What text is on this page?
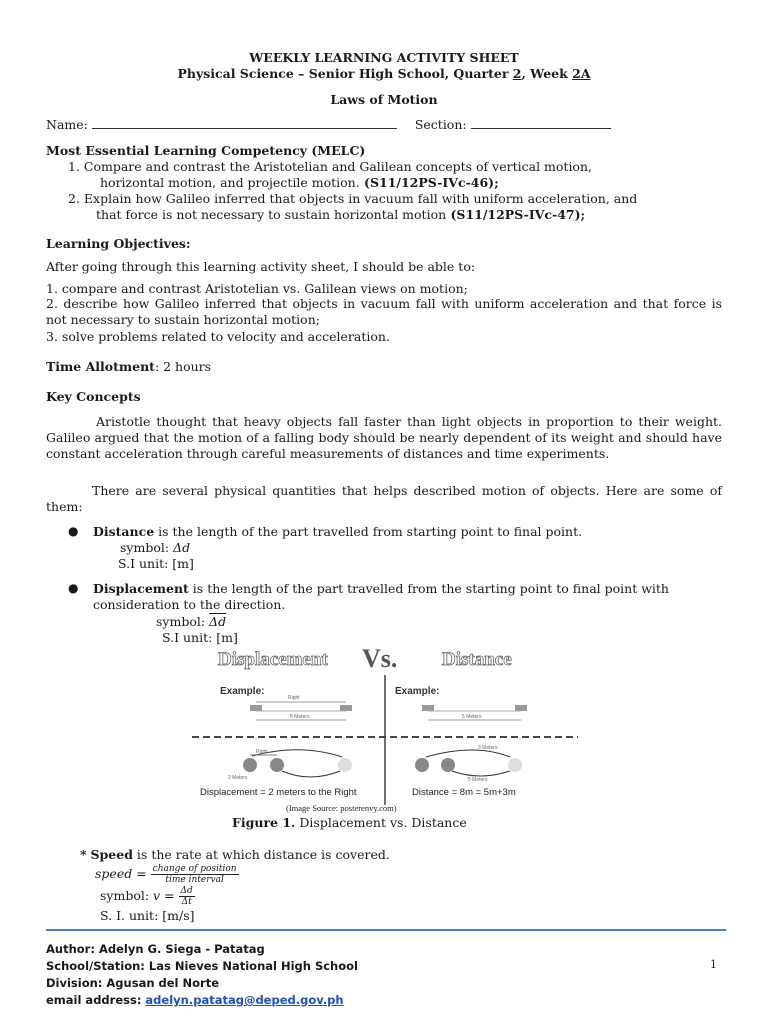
WEEKLY LEARNING ACTIVITY SHEET
Physical Science – Senior High School, Quarter 2, Week 2A
Laws of Motion
Name:	Section:
Most Essential Learning Competency (MELC)
1. Compare and contrast the Aristotelian and Galilean concepts of vertical motion,
horizontal motion, and projectile motion. (S11/12PS-IVc-46);
2. Explain how Galileo inferred that objects in vacuum fall with uniform acceleration, and
that force is not necessary to sustain horizontal motion (S11/12PS-IVc-47);
Learning Objectives:
After going through this learning activity sheet, I should be able to:
1. compare and contrast Aristotelian vs. Galilean views on motion;
2. describe how Galileo inferred that objects in vacuum fall with uniform acceleration and that force is not necessary to sustain horizontal motion;
3. solve problems related to velocity and acceleration.
Time Allotment: 2 hours
Key Concepts
Aristotle thought that heavy objects fall faster than light objects in proportion to their weight. Galileo argued that the motion of a falling body should be nearly dependent of its weight and should have constant acceleration through careful measurements of distances and time experiments.
There are several physical quantities that helps described motion of objects. Here are some of them:
● Distance is the length of the part travelled from starting point to final point.
symbol: Δd
S.I unit: [m]
● Displacement is the length of the part travelled from the starting point to final point with
consideration to the direction.
symbol: $\overline{\Delta d}$
S.I unit: [m]
Displacement Vs. Distance
Example:	Example:
Right
5 Meters	5 Meters
Right
2 Meters
Displacement = 2 meters to the Right
3 Meters
5 Meters
Distance = 8m = 5m+3m
(Image Source: posterenvy.com)
Figure 1. Displacement vs. Distance
* Speed is the rate at which distance is covered.
speed = $\frac{\text{change of position}}{\text{time interval}}$
symbol: $v = \frac{\Delta d}{\Delta t}$
S. I. unit: [m/s]
Author: Adelyn G. Siega - Patatag
School/Station: Las Nieves National High School
Division: Agusan del Norte
email address: adelyn.patatag@deped.gov.ph
1
